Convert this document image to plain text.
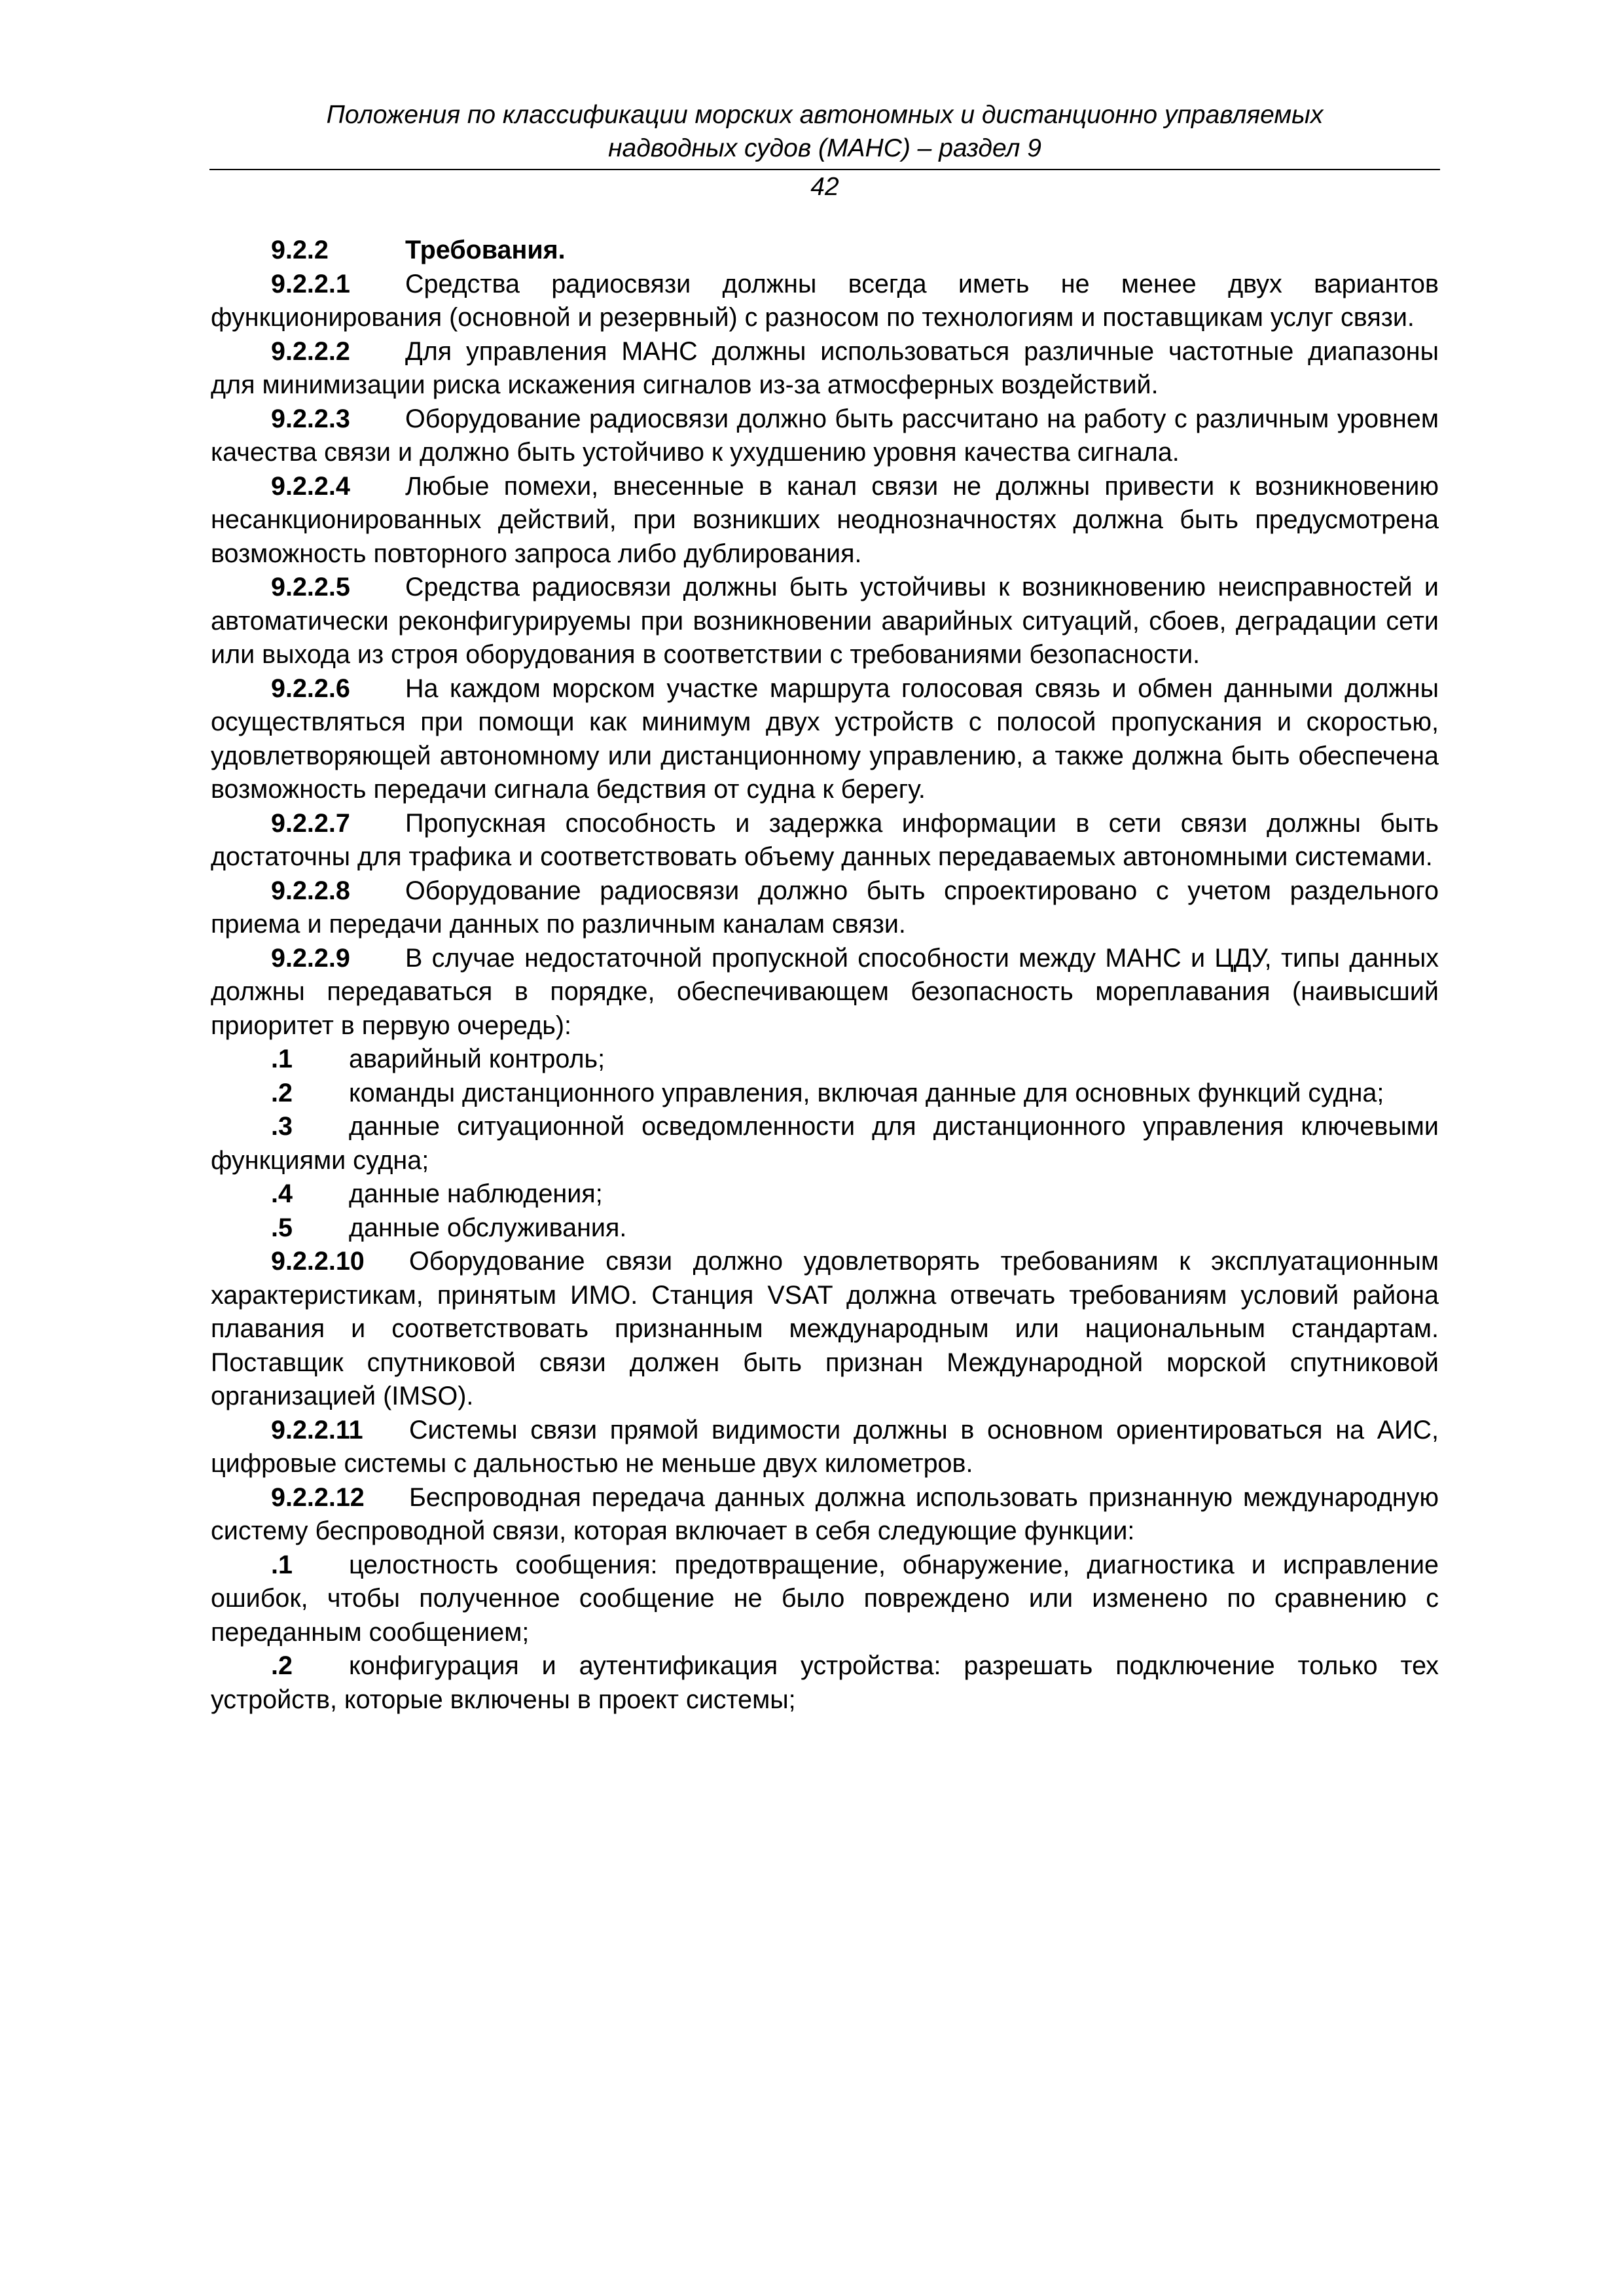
Положения по классификации морских автономных и дистанционно управляемых
надводных судов (МАНС) – раздел 9
42

9.2.2	Требования.

9.2.2.1 Средства радиосвязи должны всегда иметь не менее двух вариантов функционирования (основной и резервный) с разносом по технологиям и поставщикам услуг связи.

9.2.2.2 Для управления МАНС должны использоваться различные частотные диапазоны для минимизации риска искажения сигналов из-за атмосферных воздействий.

9.2.2.3 Оборудование радиосвязи должно быть рассчитано на работу с различным уровнем качества связи и должно быть устойчиво к ухудшению уровня качества сигнала.

9.2.2.4 Любые помехи, внесенные в канал связи не должны привести к возникновению несанкционированных действий, при возникших неоднозначностях должна быть предусмотрена возможность повторного запроса либо дублирования.

9.2.2.5 Средства радиосвязи должны быть устойчивы к возникновению неисправностей и автоматически реконфигурируемы при возникновении аварийных ситуаций, сбоев, деградации сети или выхода из строя оборудования в соответствии с требованиями безопасности.

9.2.2.6 На каждом морском участке маршрута голосовая связь и обмен данными должны осуществляться при помощи как минимум двух устройств с полосой пропускания и скоростью, удовлетворяющей автономному или дистанционному управлению, а также должна быть обеспечена возможность передачи сигнала бедствия от судна к берегу.

9.2.2.7 Пропускная способность и задержка информации в сети связи должны быть достаточны для трафика и соответствовать объему данных передаваемых автономными системами.

9.2.2.8 Оборудование радиосвязи должно быть спроектировано с учетом раздельного приема и передачи данных по различным каналам связи.

9.2.2.9 В случае недостаточной пропускной способности между МАНС и ЦДУ, типы данных должны передаваться в порядке, обеспечивающем безопасность мореплавания (наивысший приоритет в первую очередь):

.1 аварийный контроль;

.2 команды дистанционного управления, включая данные для основных функций судна;

.3 данные ситуационной осведомленности для дистанционного управления ключевыми функциями судна;

.4 данные наблюдения;

.5 данные обслуживания.

9.2.2.10 Оборудование связи должно удовлетворять требованиям к эксплуатационным характеристикам, принятым ИМО. Станция VSAT должна отвечать требованиям условий района плавания и соответствовать признанным международным или национальным стандартам. Поставщик спутниковой связи должен быть признан Международной морской спутниковой организацией (IMSO).

9.2.2.11 Системы связи прямой видимости должны в основном ориентироваться на АИС, цифровые системы с дальностью не меньше двух километров.

9.2.2.12 Беспроводная передача данных должна использовать признанную международную систему беспроводной связи, которая включает в себя следующие функции:

.1 целостность сообщения: предотвращение, обнаружение, диагностика и исправление ошибок, чтобы полученное сообщение не было повреждено или изменено по сравнению с переданным сообщением;

.2 конфигурация и аутентификация устройства: разрешать подключение только тех устройств, которые включены в проект системы;
